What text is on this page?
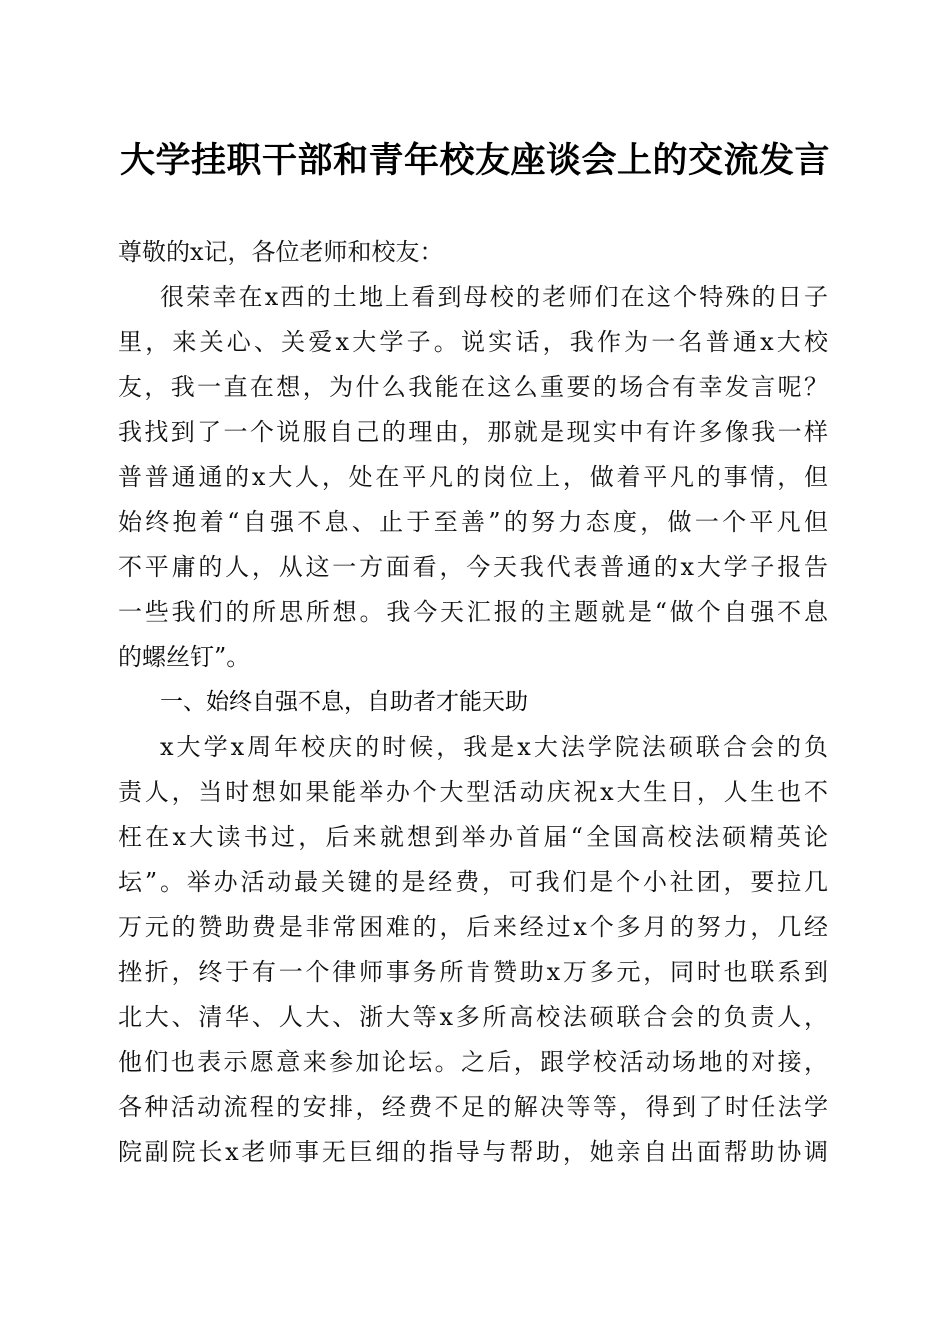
大学挂职干部和青年校友座谈会上的交流发言
尊敬的x记，各位老师和校友：
很荣幸在x西的土地上看到母校的老师们在这个特殊的日子
里，来关心、关爱x大学子。说实话，我作为一名普通x大校
友，我一直在想，为什么我能在这么重要的场合有幸发言呢？
我找到了一个说服自己的理由，那就是现实中有许多像我一样
普普通通的x大人，处在平凡的岗位上，做着平凡的事情，但
始终抱着“自强不息、止于至善”的努力态度，做一个平凡但
不平庸的人，从这一方面看，今天我代表普通的x大学子报告
一些我们的所思所想。我今天汇报的主题就是“做个自强不息
的螺丝钉”。
一、始终自强不息，自助者才能天助
x大学x周年校庆的时候，我是x大法学院法硕联合会的负
责人，当时想如果能举办个大型活动庆祝x大生日，人生也不
枉在x大读书过，后来就想到举办首届“全国高校法硕精英论
坛”。举办活动最关键的是经费，可我们是个小社团，要拉几
万元的赞助费是非常困难的，后来经过x个多月的努力，几经
挫折，终于有一个律师事务所肯赞助x万多元，同时也联系到
北大、清华、人大、浙大等x多所高校法硕联合会的负责人，
他们也表示愿意来参加论坛。之后，跟学校活动场地的对接，
各种活动流程的安排，经费不足的解决等等，得到了时任法学
院副院长x老师事无巨细的指导与帮助，她亲自出面帮助协调
